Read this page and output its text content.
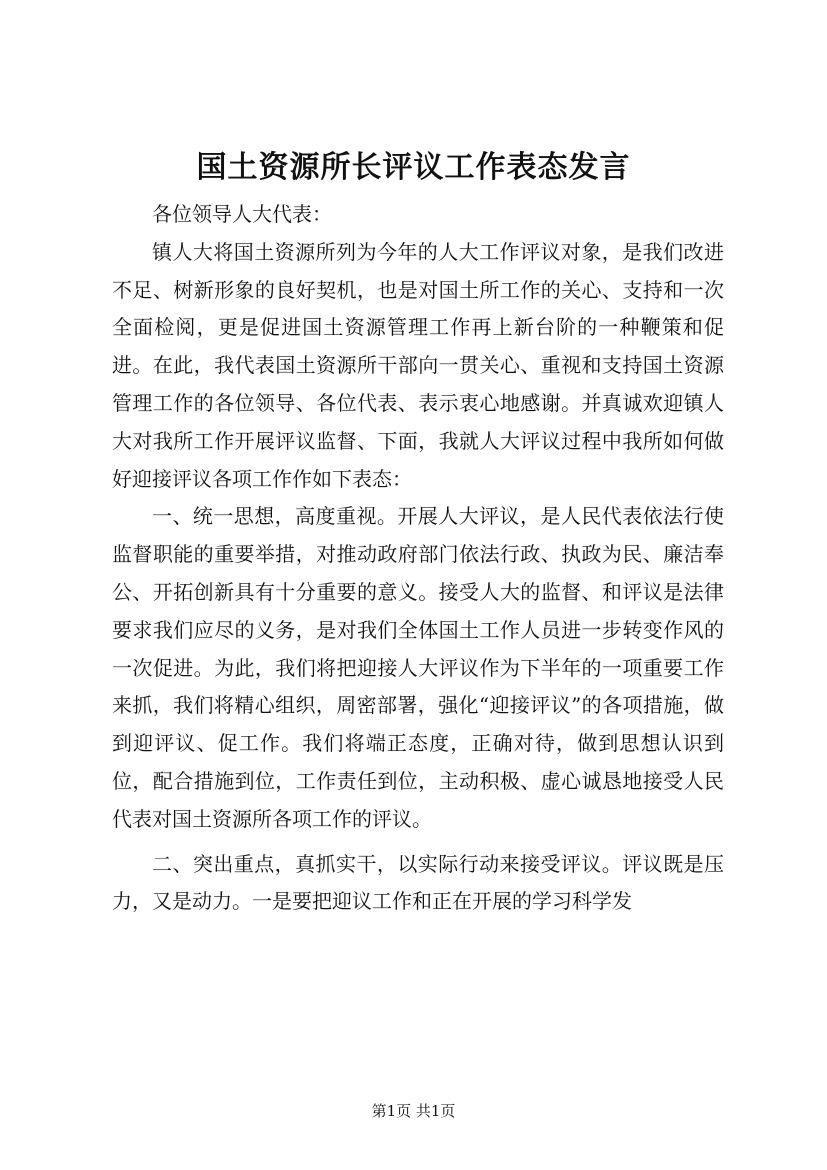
国土资源所长评议工作表态发言

各位领导人大代表：

镇人大将国土资源所列为今年的人大工作评议对象，是我们改进不足、树新形象的良好契机，也是对国土所工作的关心、支持和一次全面检阅，更是促进国土资源管理工作再上新台阶的一种鞭策和促进。在此，我代表国土资源所干部向一贯关心、重视和支持国土资源管理工作的各位领导、各位代表、表示衷心地感谢。并真诚欢迎镇人大对我所工作开展评议监督、下面，我就人大评议过程中我所如何做好迎接评议各项工作作如下表态：

一、统一思想，高度重视。开展人大评议，是人民代表依法行使监督职能的重要举措，对推动政府部门依法行政、执政为民、廉洁奉公、开拓创新具有十分重要的意义。接受人大的监督、和评议是法律要求我们应尽的义务，是对我们全体国土工作人员进一步转变作风的一次促进。为此，我们将把迎接人大评议作为下半年的一项重要工作来抓，我们将精心组织，周密部署，强化“迎接评议”的各项措施，做到迎评议、促工作。我们将端正态度，正确对待，做到思想认识到位，配合措施到位，工作责任到位，主动积极、虚心诚恳地接受人民代表对国土资源所各项工作的评议。

二、突出重点，真抓实干，以实际行动来接受评议。评议既是压力，又是动力。一是要把迎议工作和正在开展的学习科学发

第1页 共1页
